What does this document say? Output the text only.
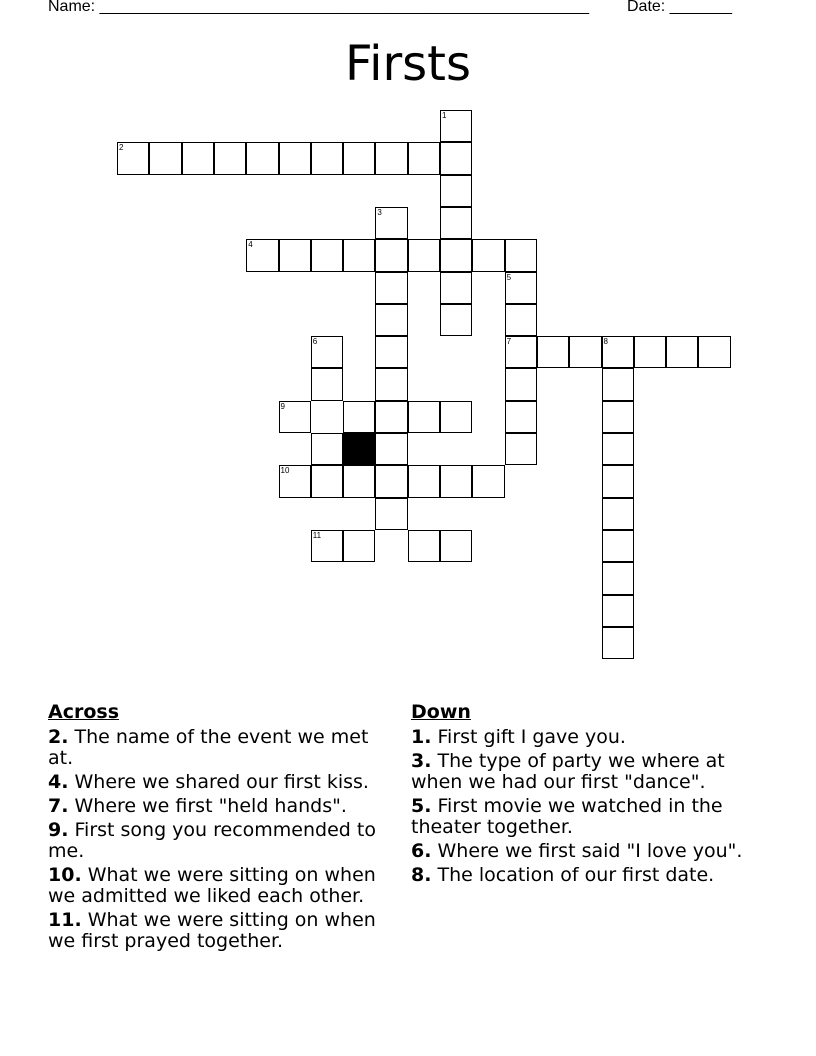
Name: _______________________________________________________ Date: _______
Firsts
1
2
4
3
5
7	8
6
9
10
11
Across
2. The name of the event we met at.
4. Where we shared our first kiss.
7. Where we first "held hands".
9. First song you recommended to me.
10. What we were sitting on when we admitted we liked each other.
11. What we were sitting on when we first prayed together.
Down
1. First gift I gave you.
3. The type of party we where at when we had our first "dance".
5. First movie we watched in the theater together.
6. Where we first said "I love you".
8. The location of our first date.
